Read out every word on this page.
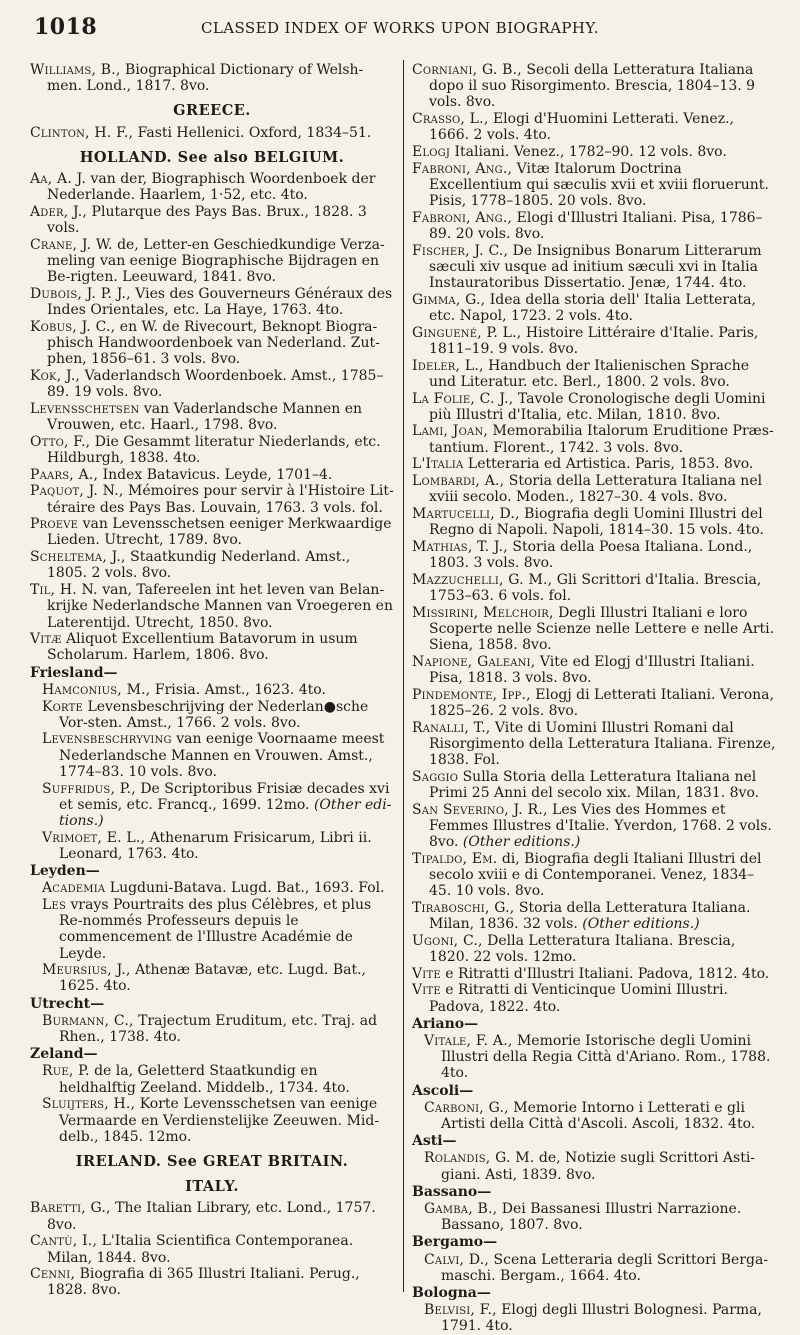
1018	CLASSED INDEX OF WORKS UPON BIOGRAPHY.
Williams, B., Biographical Dictionary of Welsh-men. Lond., 1817. 8vo.
GREECE.
Clinton, H. F., Fasti Hellenici. Oxford, 1834–51.
HOLLAND. See also BELGIUM.
Aa, A. J. van der, Biographisch Woordenboek der Nederlande. Haarlem, 1·52, etc. 4to.
Ader, J., Plutarque des Pays Bas. Brux., 1828. 3 vols.
Crane, J. W. de, Letter-en Geschiedkundige Verza-meling van eenige Biographische Bijdragen en Be-rigten. Leeuward, 1841. 8vo.
Dubois, J. P. J., Vies des Gouverneurs Généraux des Indes Orientales, etc. La Haye, 1763. 4to.
Kobus, J. C., en W. de Rivecourt, Beknopt Biogra-phisch Handwoordenboek van Nederland. Zut-phen, 1856–61. 3 vols. 8vo.
Kok, J., Vaderlandsch Woordenboek. Amst., 1785–89. 19 vols. 8vo.
Levensschetsen van Vaderlandsche Mannen en Vrouwen, etc. Haarl., 1798. 8vo.
Otto, F., Die Gesammt literatur Niederlands, etc. Hildburgh, 1838. 4to.
Paars, A., Index Batavicus. Leyde, 1701–4.
Paquot, J. N., Mémoires pour servir à l'Histoire Lit-téraire des Pays Bas. Louvain, 1763. 3 vols. fol.
Proeve van Levensschetsen eeniger Merkwaardige Lieden. Utrecht, 1789. 8vo.
Scheltema, J., Staatkundig Nederland. Amst., 1805. 2 vols. 8vo.
Til, H. N. van, Tafereelen int het leven van Belan-krijke Nederlandsche Mannen van Vroegeren en Laterentijd. Utrecht, 1850. 8vo.
Vitæ Aliquot Excellentium Batavorum in usum Scholarum. Harlem, 1806. 8vo.
Friesland—
Hamconius, M., Frisia. Amst., 1623. 4to.
Korte Levensbeschrijving der Nederlan●sche Vor-sten. Amst., 1766. 2 vols. 8vo.
Levensbeschryving van eenige Voornaame meest Nederlandsche Mannen en Vrouwen. Amst., 1774–83. 10 vols. 8vo.
Suffridus, P., De Scriptoribus Frisiæ decades xvi et semis, etc. Francq., 1699. 12mo. (Other edi-tions.)
Vrimoet, E. L., Athenarum Frisicarum, Libri ii. Leonard, 1763. 4to.
Leyden—
Academia Lugduni-Batava. Lugd. Bat., 1693. Fol.
Les vrays Pourtraits des plus Célèbres, et plus Re-nommés Professeurs depuis le commencement de l'Illustre Académie de Leyde.
Meursius, J., Athenæ Batavæ, etc. Lugd. Bat., 1625. 4to.
Utrecht—
Burmann, C., Trajectum Eruditum, etc. Traj. ad Rhen., 1738. 4to.
Zeland—
Rue, P. de la, Geletterd Staatkundig en heldhalftig Zeeland. Middelb., 1734. 4to.
Sluijters, H., Korte Levensschetsen van eenige Vermaarde en Verdienstelijke Zeeuwen. Mid-delb., 1845. 12mo.
IRELAND. See GREAT BRITAIN.
ITALY.
Baretti, G., The Italian Library, etc. Lond., 1757. 8vo.
Cantù, I., L'Italia Scientifica Contemporanea. Milan, 1844. 8vo.
Cenni, Biografia di 365 Illustri Italiani. Perug., 1828. 8vo.
Corniani, G. B., Secoli della Letteratura Italiana dopo il suo Risorgimento. Brescia, 1804–13. 9 vols. 8vo.
Crasso, L., Elogi d'Huomini Letterati. Venez., 1666. 2 vols. 4to.
Elogj Italiani. Venez., 1782–90. 12 vols. 8vo.
Fabroni, Ang., Vitæ Italorum Doctrina Excellentium qui sæculis xvii et xviii floruerunt. Pisis, 1778–1805. 20 vols. 8vo.
Fabroni, Ang., Elogi d'Illustri Italiani. Pisa, 1786–89. 20 vols. 8vo.
Fischer, J. C., De Insignibus Bonarum Litterarum sæculi xiv usque ad initium sæculi xvi in Italia Instauratoribus Dissertatio. Jenæ, 1744. 4to.
Gimma, G., Idea della storia dell' Italia Letterata, etc. Napol, 1723. 2 vols. 4to.
Ginguené, P. L., Histoire Littéraire d'Italie. Paris, 1811–19. 9 vols. 8vo.
Ideler, L., Handbuch der Italienischen Sprache und Literatur. etc. Berl., 1800. 2 vols. 8vo.
La Folie, C. J., Tavole Cronologische degli Uomini più Illustri d'Italia, etc. Milan, 1810. 8vo.
Lami, Joan, Memorabilia Italorum Eruditione Præs-tantium. Florent., 1742. 3 vols. 8vo.
L'Italia Letteraria ed Artistica. Paris, 1853. 8vo.
Lombardi, A., Storia della Letteratura Italiana nel xviii secolo. Moden., 1827–30. 4 vols. 8vo.
Martucelli, D., Biografia degli Uomini Illustri del Regno di Napoli. Napoli, 1814–30. 15 vols. 4to.
Mathias, T. J., Storia della Poesa Italiana. Lond., 1803. 3 vols. 8vo.
Mazzuchelli, G. M., Gli Scrittori d'Italia. Brescia, 1753–63. 6 vols. fol.
Missirini, Melchoir, Degli Illustri Italiani e loro Scoperte nelle Scienze nelle Lettere e nelle Arti. Siena, 1858. 8vo.
Napione, Galeani, Vite ed Elogj d'Illustri Italiani. Pisa, 1818. 3 vols. 8vo.
Pindemonte, Ipp., Elogj di Letterati Italiani. Verona, 1825–26. 2 vols. 8vo.
Ranalli, T., Vite di Uomini Illustri Romani dal Risorgimento della Letteratura Italiana. Firenze, 1838. Fol.
Saggio Sulla Storia della Letteratura Italiana nel Primi 25 Anni del secolo xix. Milan, 1831. 8vo.
San Severino, J. R., Les Vies des Hommes et Femmes Illustres d'Italie. Yverdon, 1768. 2 vols. 8vo. (Other editions.)
Tipaldo, Em. di, Biografia degli Italiani Illustri del secolo xviii e di Contemporanei. Venez, 1834–45. 10 vols. 8vo.
Tiraboschi, G., Storia della Letteratura Italiana. Milan, 1836. 32 vols. (Other editions.)
Ugoni, C., Della Letteratura Italiana. Brescia, 1820. 22 vols. 12mo.
Vite e Ritratti d'Illustri Italiani. Padova, 1812. 4to.
Vite e Ritratti di Venticinque Uomini Illustri. Padova, 1822. 4to.
Ariano—
Vitale, F. A., Memorie Istorische degli Uomini Illustri della Regia Città d'Ariano. Rom., 1788. 4to.
Ascoli—
Carboni, G., Memorie Intorno i Letterati e gli Artisti della Città d'Ascoli. Ascoli, 1832. 4to.
Asti—
Rolandis, G. M. de, Notizie sugli Scrittori Asti-giani. Asti, 1839. 8vo.
Bassano—
Gamba, B., Dei Bassanesi Illustri Narrazione. Bassano, 1807. 8vo.
Bergamo—
Calvi, D., Scena Letteraria degli Scrittori Berga-maschi. Bergam., 1664. 4to.
Bologna—
Belvisi, F., Elogj degli Illustri Bolognesi. Parma, 1791. 4to.
